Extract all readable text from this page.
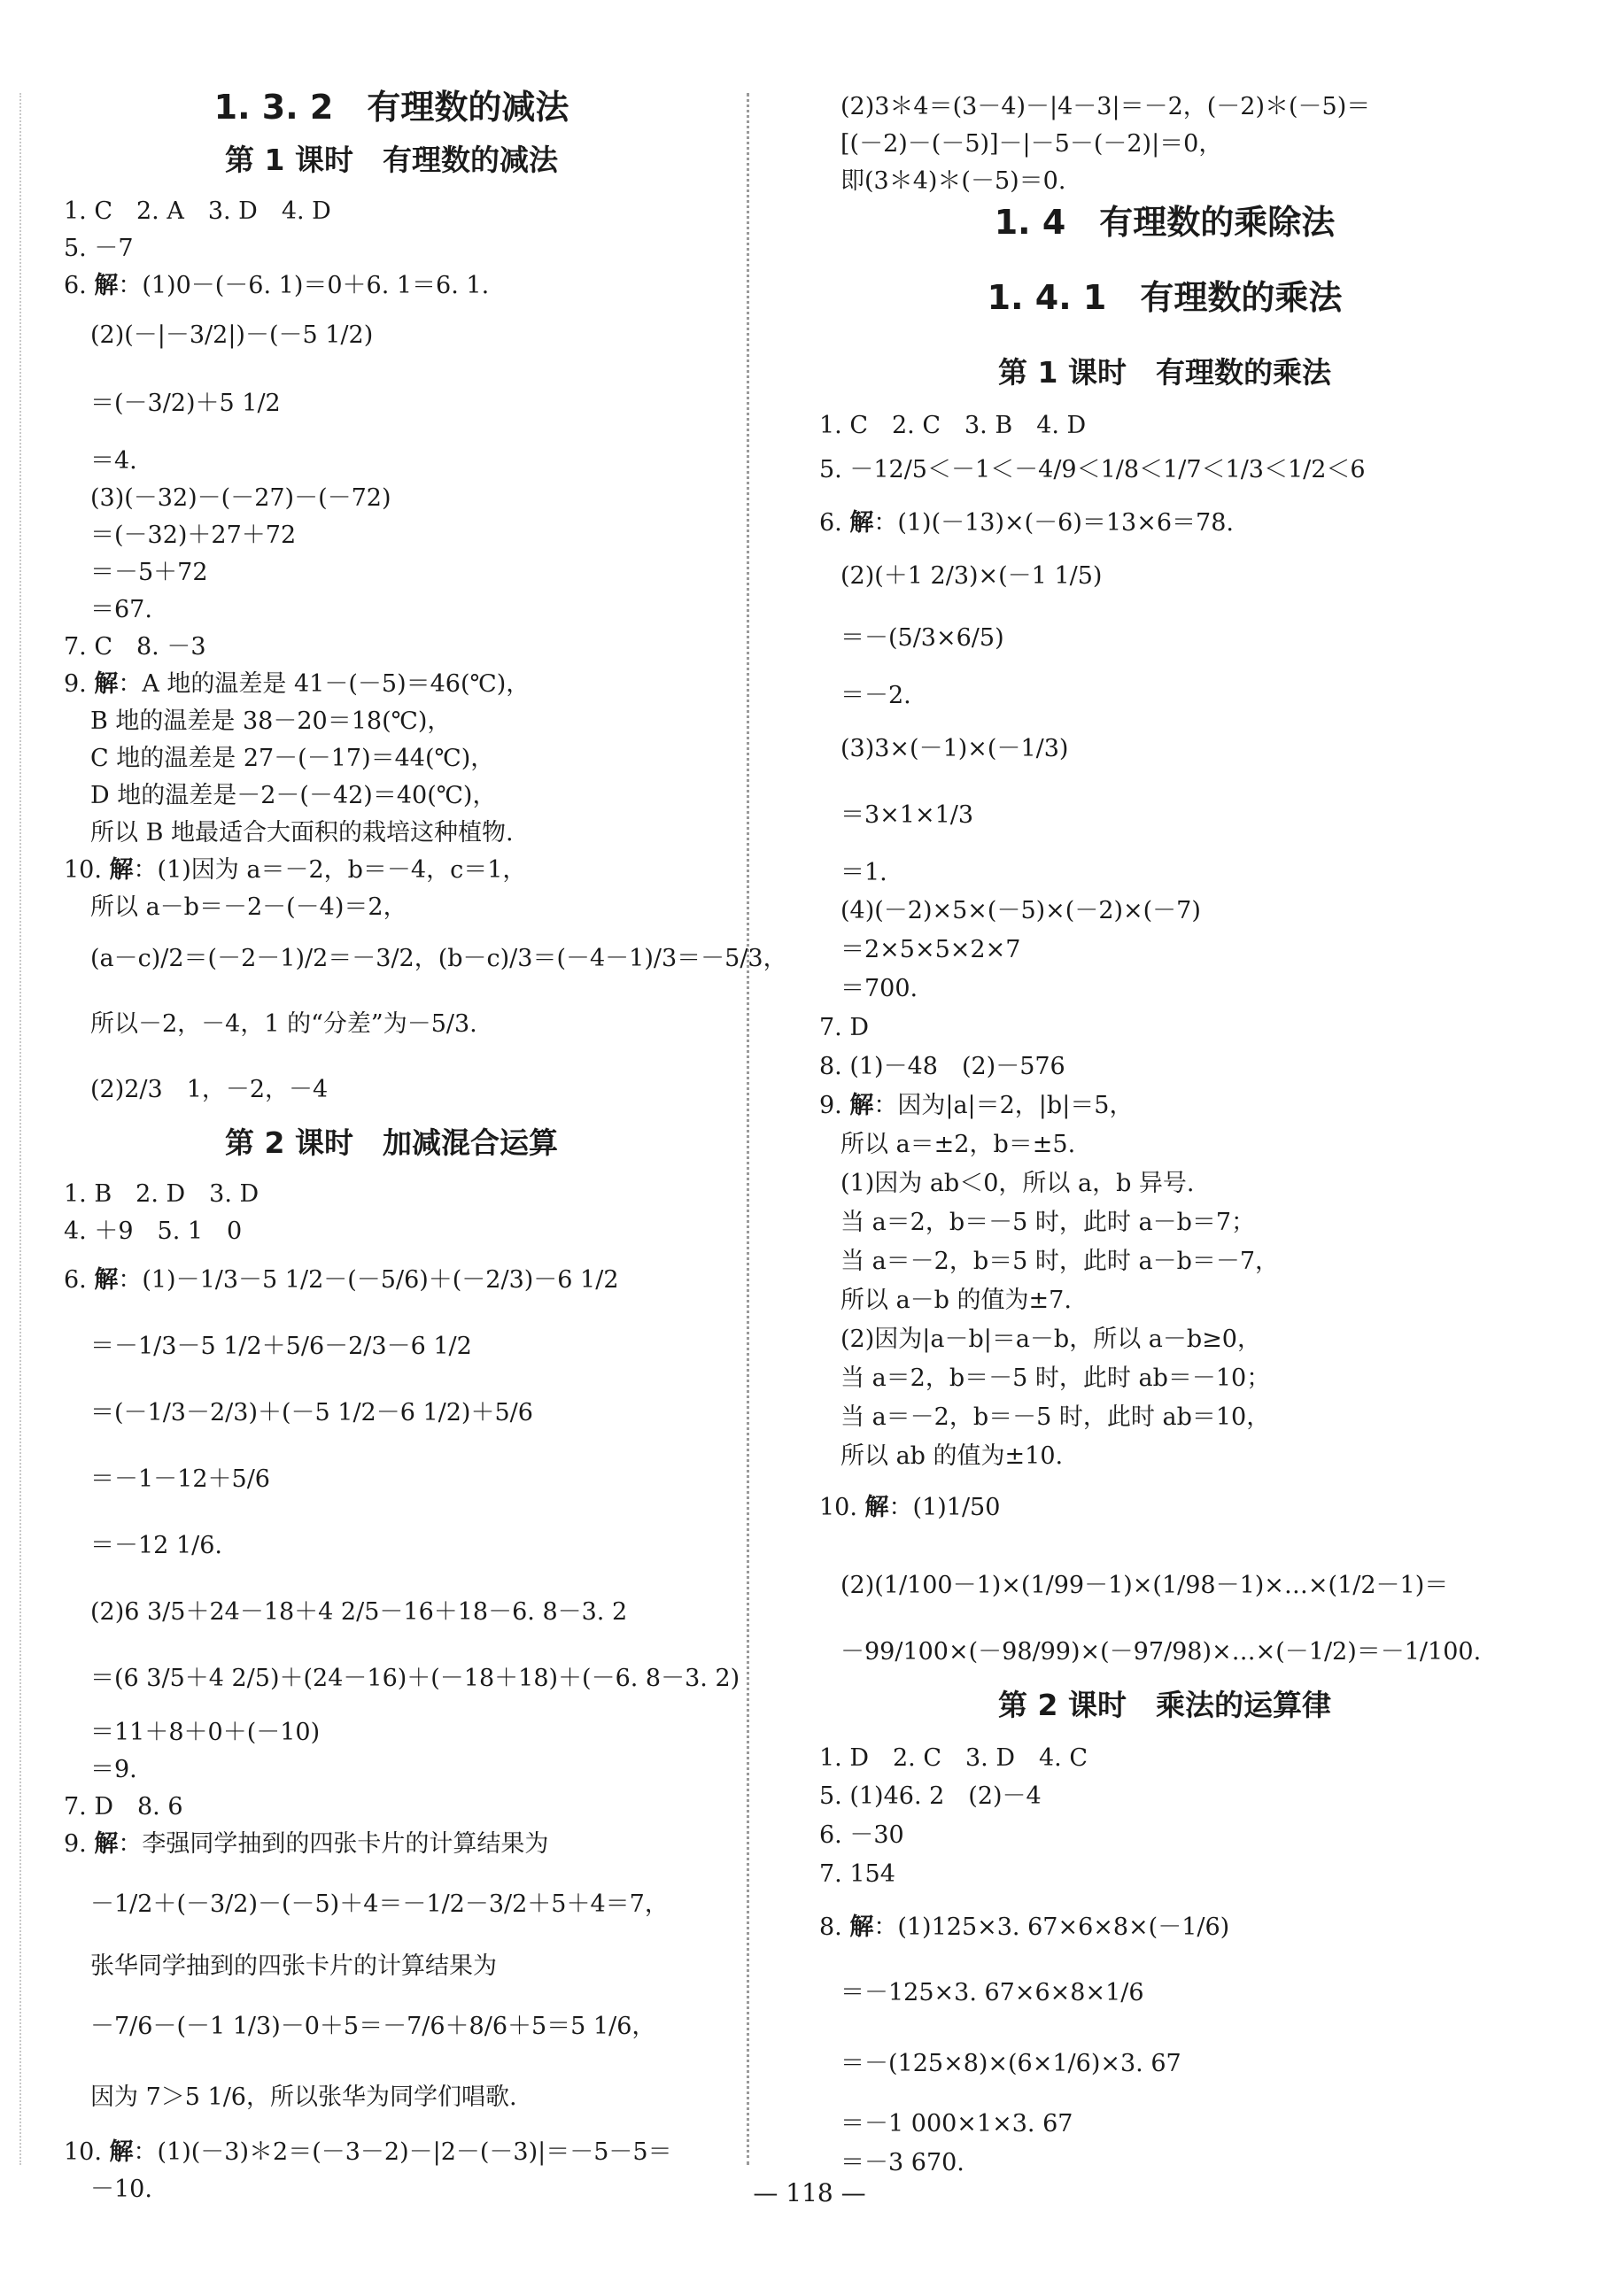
1. 3. 2　有理数的减法
第 1 课时　有理数的减法
1. C　2. A　3. D　4. D
5. －7
6. 解：(1)0－(－6. 1)＝0＋6. 1＝6. 1.
(2)(－|－3/2|)－(－5 1/2)
＝(－3/2)＋5 1/2
＝4.
(3)(－32)－(－27)－(－72)
＝(－32)＋27＋72
＝－5＋72
＝67.
7. C　8. －3
9. 解：A 地的温差是 41－(－5)＝46(℃)，
B 地的温差是 38－20＝18(℃)，
C 地的温差是 27－(－17)＝44(℃)，
D 地的温差是－2－(－42)＝40(℃)，
所以 B 地最适合大面积的栽培这种植物.
10. 解：(1)因为 a＝－2，b＝－4，c＝1，
所以 a－b＝－2－(－4)＝2，
(a－c)/2＝(－2－1)/2＝－3/2，(b－c)/3＝(－4－1)/3＝－5/3，
所以－2，－4，1 的“分差”为－5/3.
(2)2/3　1，－2，－4
第 2 课时　加减混合运算
1. B　2. D　3. D
4. ＋9　5. 1　0
6. 解：(1)－1/3－5 1/2－(－5/6)＋(－2/3)－6 1/2
＝－1/3－5 1/2＋5/6－2/3－6 1/2
＝(－1/3－2/3)＋(－5 1/2－6 1/2)＋5/6
＝－1－12＋5/6
＝－12 1/6.
(2)6 3/5＋24－18＋4 2/5－16＋18－6. 8－3. 2
＝(6 3/5＋4 2/5)＋(24－16)＋(－18＋18)＋(－6. 8－3. 2)
＝11＋8＋0＋(－10)
＝9.
7. D　8. 6
9. 解：李强同学抽到的四张卡片的计算结果为
－1/2＋(－3/2)－(－5)＋4＝－1/2－3/2＋5＋4＝7，
张华同学抽到的四张卡片的计算结果为
－7/6－(－1 1/3)－0＋5＝－7/6＋8/6＋5＝5 1/6，
因为 7＞5 1/6，所以张华为同学们唱歌.
10. 解：(1)(－3)＊2＝(－3－2)－|2－(－3)|＝－5－5＝
－10.
(2)3＊4＝(3－4)－|4－3|＝－2，(－2)＊(－5)＝
[(－2)－(－5)]－|－5－(－2)|＝0，
即(3＊4)＊(－5)＝0.
1. 4　有理数的乘除法
1. 4. 1　有理数的乘法
第 1 课时　有理数的乘法
1. C　2. C　3. B　4. D
5. －12/5＜－1＜－4/9＜1/8＜1/7＜1/3＜1/2＜6
6. 解：(1)(－13)×(－6)＝13×6＝78.
(2)(＋1 2/3)×(－1 1/5)
＝－(5/3×6/5)
＝－2.
(3)3×(－1)×(－1/3)
＝3×1×1/3
＝1.
(4)(－2)×5×(－5)×(－2)×(－7)
＝2×5×5×2×7
＝700.
7. D
8. (1)－48　(2)－576
9. 解：因为|a|＝2，|b|＝5，
所以 a＝±2，b＝±5.
(1)因为 ab＜0，所以 a，b 异号.
当 a＝2，b＝－5 时，此时 a－b＝7；
当 a＝－2，b＝5 时，此时 a－b＝－7，
所以 a－b 的值为±7.
(2)因为|a－b|＝a－b，所以 a－b≥0，
当 a＝2，b＝－5 时，此时 ab＝－10；
当 a＝－2，b＝－5 时，此时 ab＝10，
所以 ab 的值为±10.
10. 解：(1)1/50
(2)(1/100－1)×(1/99－1)×(1/98－1)×…×(1/2－1)＝
－99/100×(－98/99)×(－97/98)×…×(－1/2)＝－1/100.
第 2 课时　乘法的运算律
1. D　2. C　3. D　4. C
5. (1)46. 2　(2)－4
6. －30
7. 154
8. 解：(1)125×3. 67×6×8×(－1/6)
＝－125×3. 67×6×8×1/6
＝－(125×8)×(6×1/6)×3. 67
＝－1 000×1×3. 67
＝－3 670.
— 118 —
